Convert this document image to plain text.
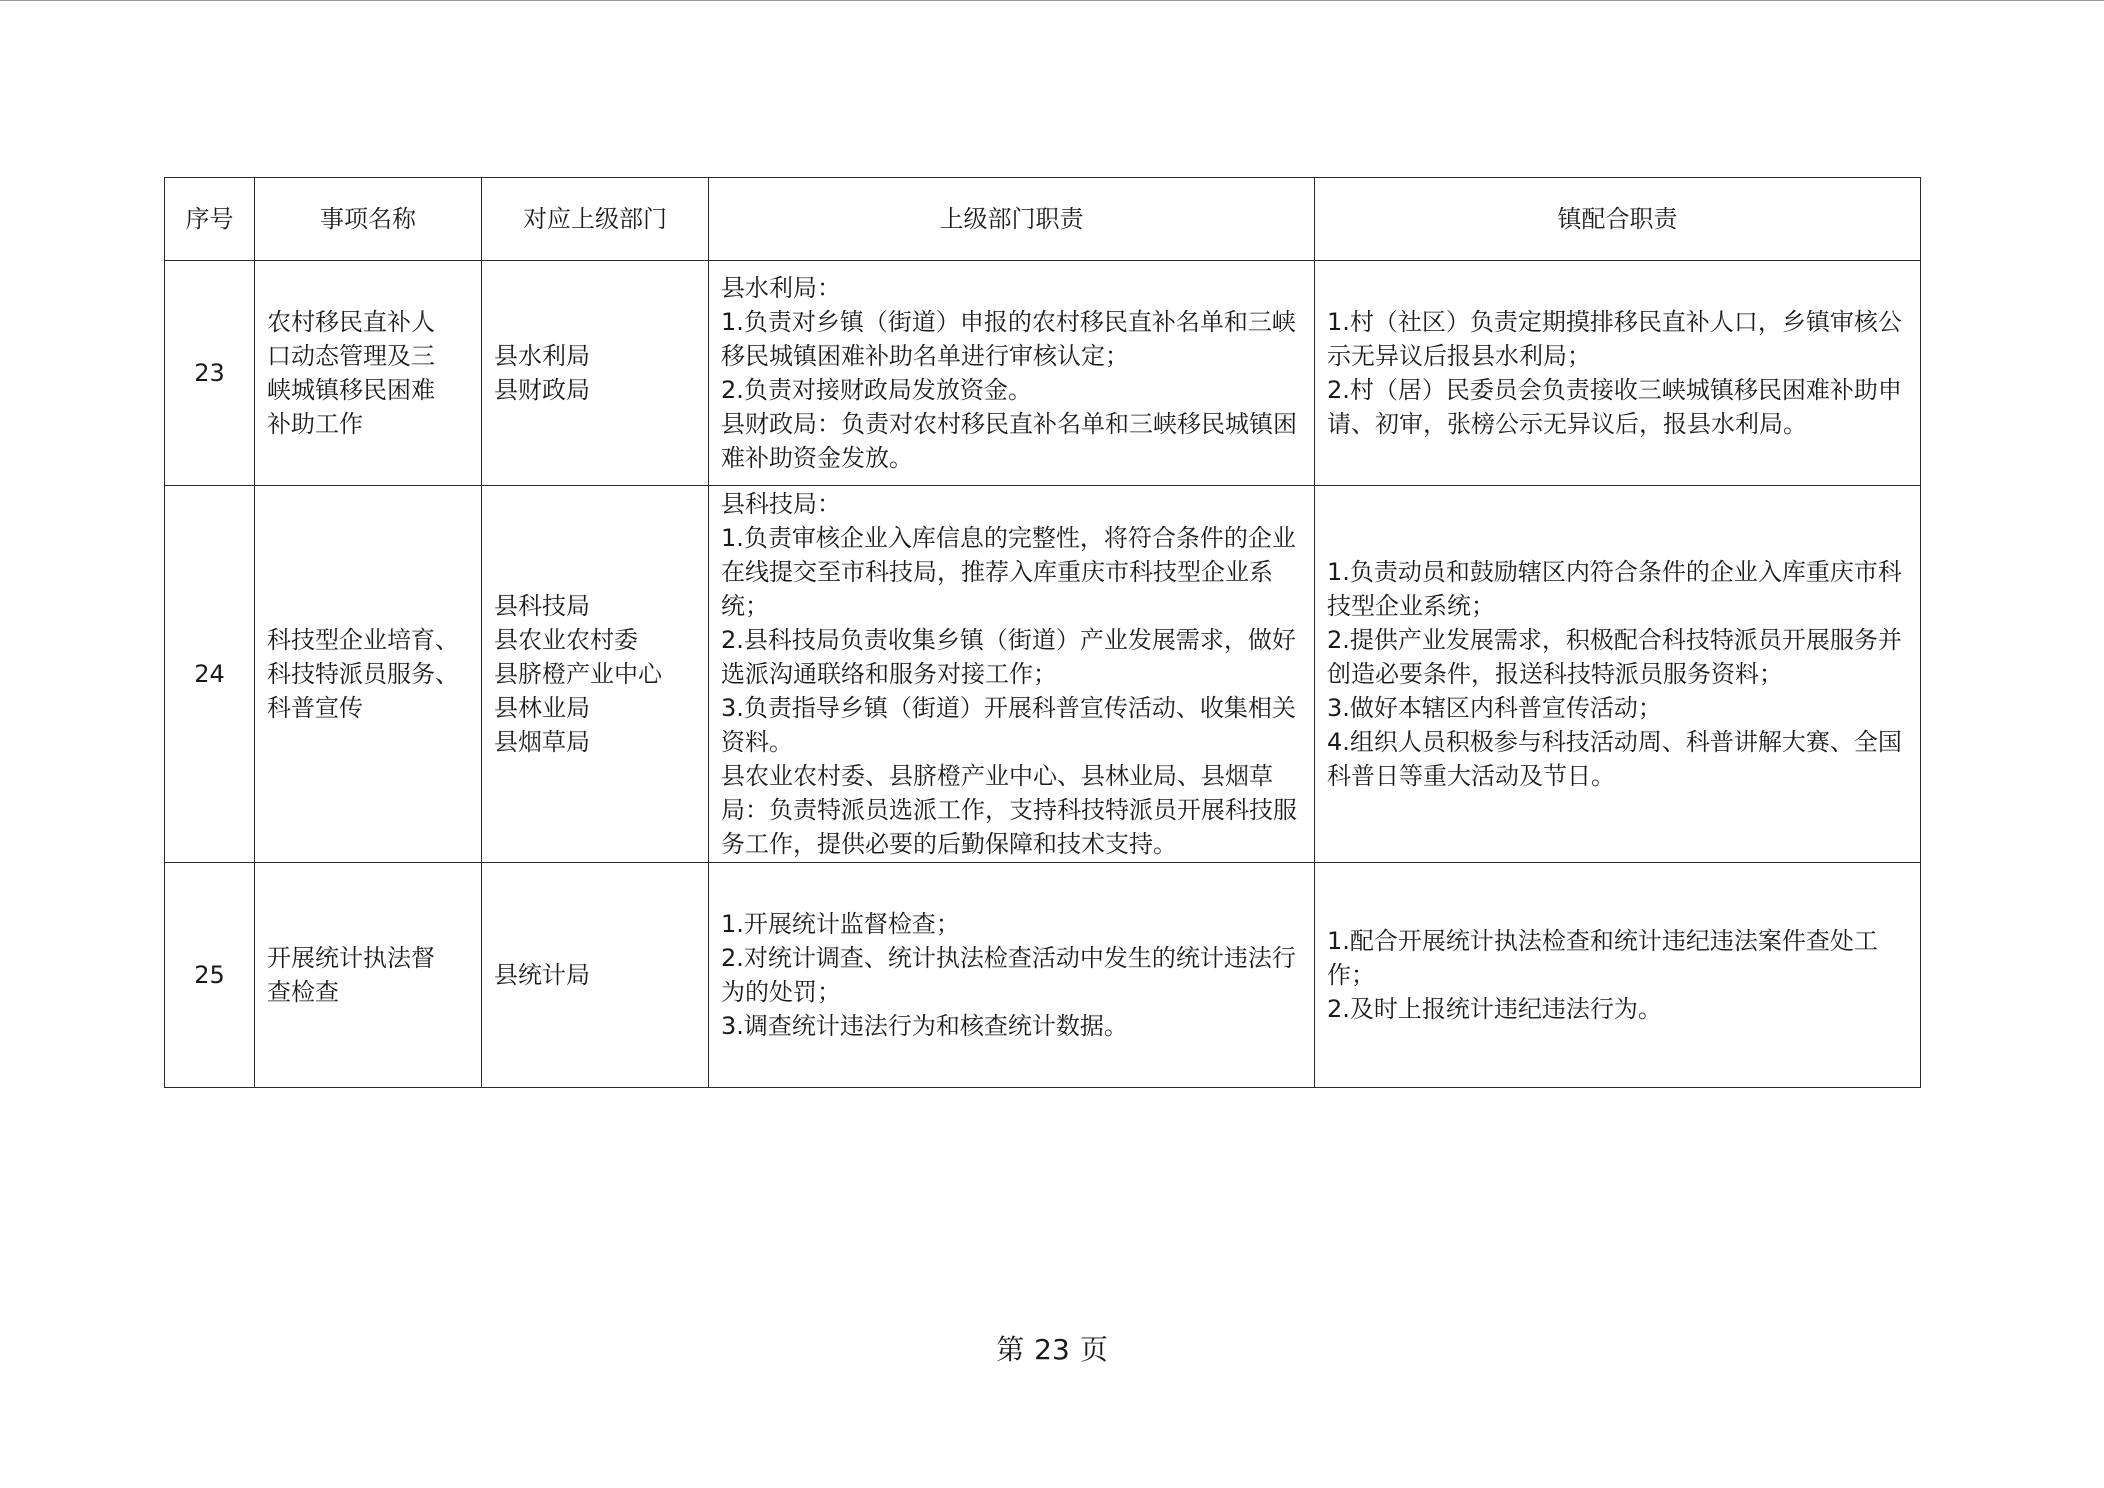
序号	事项名称	对应上级部门	上级部门职责	镇配合职责
23	农村移民直补人
口动态管理及三
峡城镇移民困难
补助工作	县水利局
县财政局	县水利局：
1.负责对乡镇（街道）申报的农村移民直补名单和三峡移民城镇困难补助名单进行审核认定；
2.负责对接财政局发放资金。
县财政局：负责对农村移民直补名单和三峡移民城镇困难补助资金发放。	1.村（社区）负责定期摸排移民直补人口，乡镇审核公示无异议后报县水利局；
2.村（居）民委员会负责接收三峡城镇移民困难补助申请、初审，张榜公示无异议后，报县水利局。

24	科技型企业培育、
科技特派员服务、
科普宣传	县科技局
县农业农村委
县脐橙产业中心
县林业局
县烟草局	县科技局：
1.负责审核企业入库信息的完整性，将符合条件的企业在线提交至市科技局，推荐入库重庆市科技型企业系统；
2.县科技局负责收集乡镇（街道）产业发展需求，做好选派沟通联络和服务对接工作；
3.负责指导乡镇（街道）开展科普宣传活动、收集相关资料。
县农业农村委、县脐橙产业中心、县林业局、县烟草局：负责特派员选派工作，支持科技特派员开展科技服务工作，提供必要的后勤保障和技术支持。	1.负责动员和鼓励辖区内符合条件的企业入库重庆市科技型企业系统；
2.提供产业发展需求，积极配合科技特派员开展服务并创造必要条件，报送科技特派员服务资料；
3.做好本辖区内科普宣传活动；
4.组织人员积极参与科技活动周、科普讲解大赛、全国科普日等重大活动及节日。

25	开展统计执法督
查检查	县统计局	1.开展统计监督检查；
2.对统计调查、统计执法检查活动中发生的统计违法行为的处罚；
3.调查统计违法行为和核查统计数据。	1.配合开展统计执法检查和统计违纪违法案件查处工作；
2.及时上报统计违纪违法行为。
第 23 页
